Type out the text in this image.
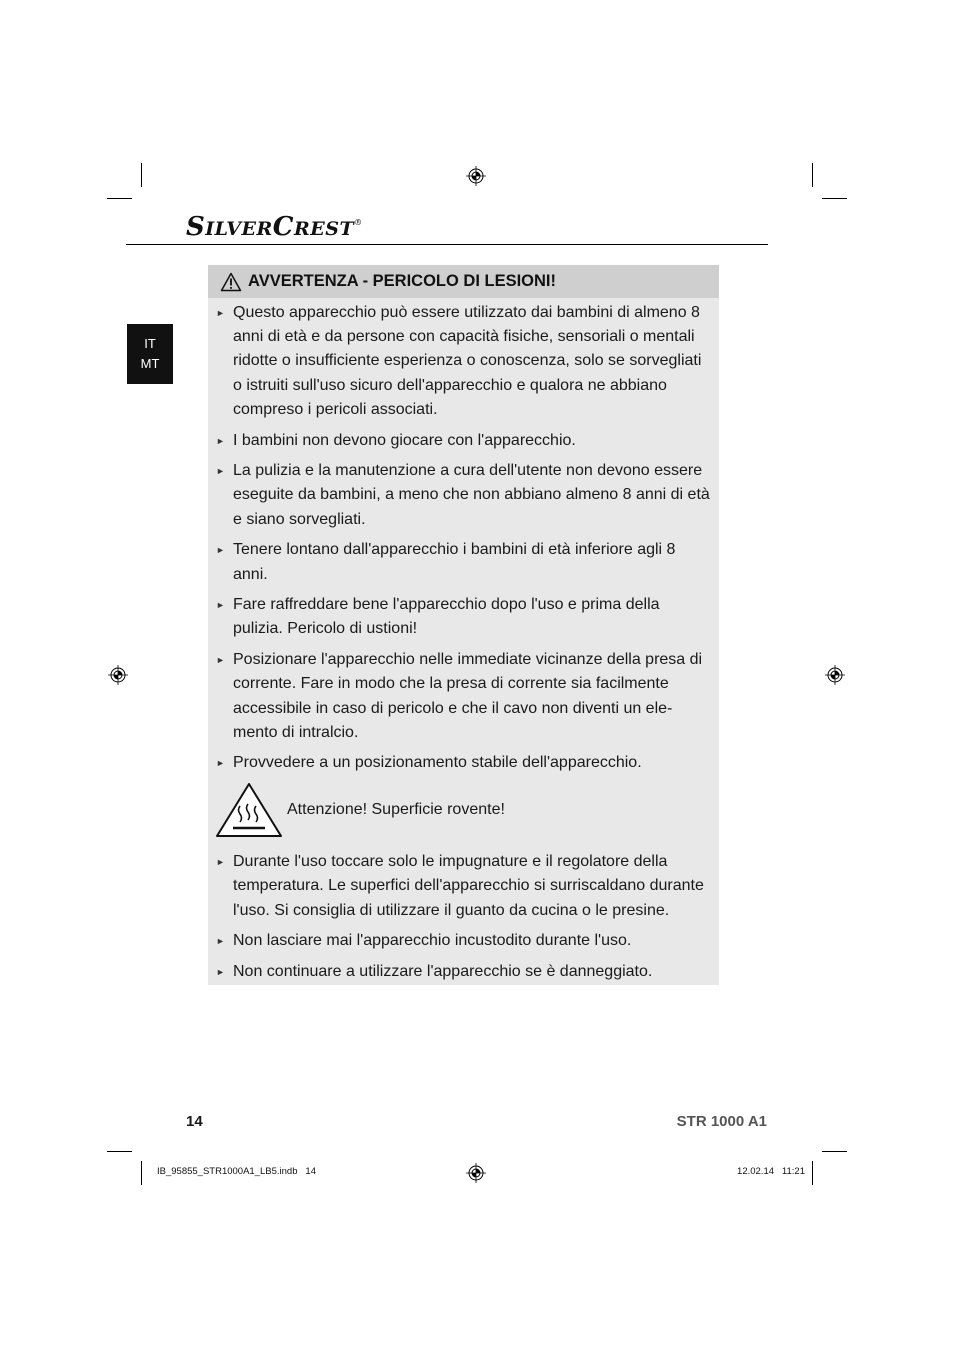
SILVERCREST®
IT
MT
AVVERTENZA - PERICOLO DI LESIONI!
► Questo apparecchio può essere utilizzato dai bambini di almeno 8 anni di età e da persone con capacità fisiche, sensoriali o mentali ridotte o insufficiente esperienza o conoscenza, solo se sorvegliati o istruiti sull'uso sicuro dell'apparecchio e qualora ne abbiano compreso i pericoli associati.
► I bambini non devono giocare con l'apparecchio.
► La pulizia e la manutenzione a cura dell'utente non devono essere eseguite da bambini, a meno che non abbiano almeno 8 anni di età e siano sorvegliati.
► Tenere lontano dall'apparecchio i bambini di età inferiore agli 8 anni.
► Fare raffreddare bene l'apparecchio dopo l'uso e prima della pulizia. Pericolo di ustioni!
► Posizionare l'apparecchio nelle immediate vicinanze della presa di corrente. Fare in modo che la presa di corrente sia facilmente accessibile in caso di pericolo e che il cavo non diventi un ele-mento di intralcio.
► Provvedere a un posizionamento stabile dell'apparecchio.
Attenzione! Superficie rovente!
► Durante l'uso toccare solo le impugnature e il regolatore della temperatura. Le superfici dell'apparecchio si surriscaldano durante l'uso. Si consiglia di utilizzare il guanto da cucina o le presine.
► Non lasciare mai l'apparecchio incustodito durante l'uso.
► Non continuare a utilizzare l'apparecchio se è danneggiato.
14	STR 1000 A1
IB_95855_STR1000A1_LB5.indb   14	12.02.14   11:21
